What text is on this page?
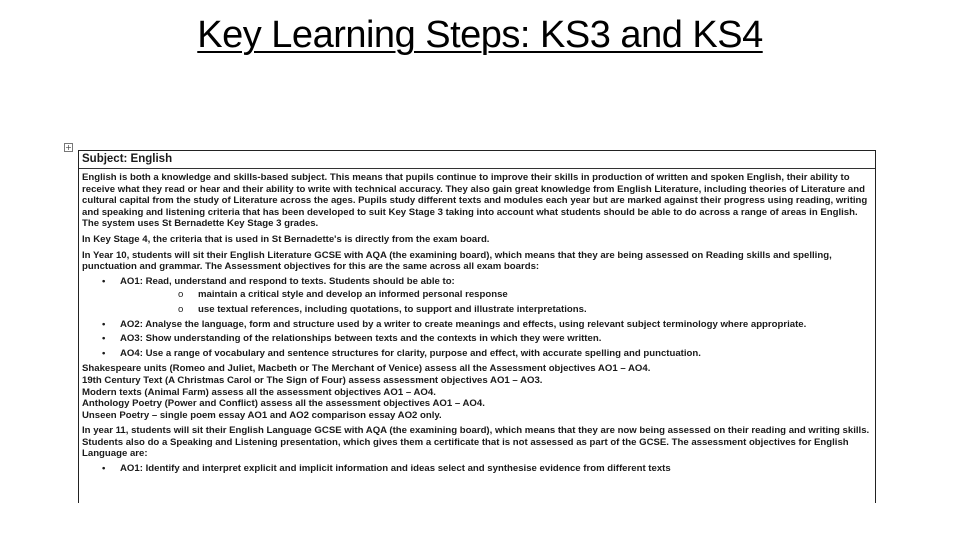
Key Learning Steps: KS3 and KS4
+
Subject: English
English is both a knowledge and skills-based subject. This means that pupils continue to improve their skills in production of written and spoken English, their ability to receive what they read or hear and their ability to write with technical accuracy. They also gain great knowledge from English Literature, including theories of Literature and cultural capital from the study of Literature across the ages. Pupils study different texts and modules each year but are marked against their progress using reading, writing and speaking and listening criteria that has been developed to suit Key Stage 3 taking into account what students should be able to do across a range of areas in English. The system uses St Bernadette Key Stage 3 grades.
In Key Stage 4, the criteria that is used in St Bernadette's is directly from the exam board.
In Year 10, students will sit their English Literature GCSE with AQA (the examining board), which means that they are being assessed on Reading skills and spelling, punctuation and grammar. The Assessment objectives for this are the same across all exam boards:
• AO1: Read, understand and respond to texts. Students should be able to:
o maintain a critical style and develop an informed personal response
o use textual references, including quotations, to support and illustrate interpretations.
• AO2: Analyse the language, form and structure used by a writer to create meanings and effects, using relevant subject terminology where appropriate.
• AO3: Show understanding of the relationships between texts and the contexts in which they were written.
• AO4: Use a range of vocabulary and sentence structures for clarity, purpose and effect, with accurate spelling and punctuation.
Shakespeare units (Romeo and Juliet, Macbeth or The Merchant of Venice) assess all the Assessment objectives AO1 – AO4.
19th Century Text (A Christmas Carol or The Sign of Four) assess assessment objectives AO1 – AO3.
Modern texts (Animal Farm) assess all the assessment objectives AO1 – AO4.
Anthology Poetry (Power and Conflict) assess all the assessment objectives AO1 – AO4.
Unseen Poetry – single poem essay AO1 and AO2 comparison essay AO2 only.
In year 11, students will sit their English Language GCSE with AQA (the examining board), which means that they are now being assessed on their reading and writing skills. Students also do a Speaking and Listening presentation, which gives them a certificate that is not assessed as part of the GCSE. The assessment objectives for English Language are:
• AO1: Identify and interpret explicit and implicit information and ideas select and synthesise evidence from different texts
